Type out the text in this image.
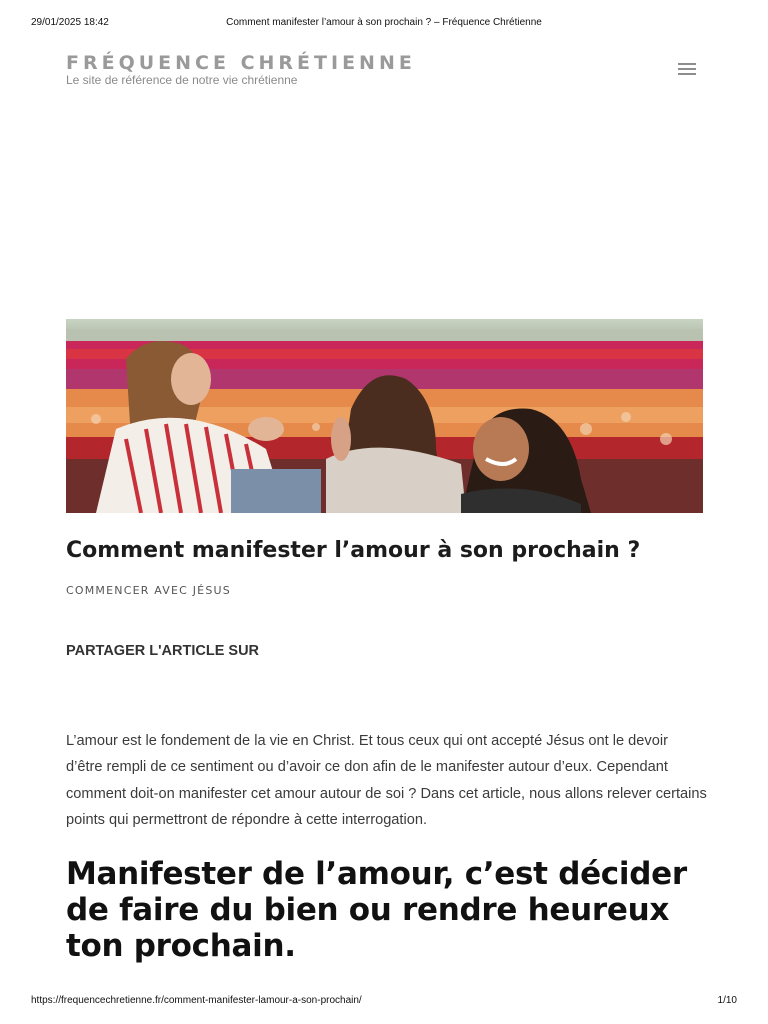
29/01/2025 18:42	Comment manifester l’amour à son prochain ? – Fréquence Chrétienne
FRÉQUENCE CHRÉTIENNE
Le site de référence de notre vie chrétienne
Comment manifester l’amour à son prochain ?
COMMENCER AVEC JÉSUS
PARTAGER L'ARTICLE SUR

L’amour est le fondement de la vie en Christ. Et tous ceux qui ont accepté Jésus ont le devoir d’être rempli de ce sentiment ou d’avoir ce don afin de le manifester autour d’eux. Cependant comment doit-on manifester cet amour autour de soi ? Dans cet article, nous allons relever certains points qui permettront de répondre à cette interrogation.

Manifester de l’amour, c’est décider de faire du bien ou rendre heureux ton prochain.
https://frequencechretienne.fr/comment-manifester-lamour-a-son-prochain/	1/10
